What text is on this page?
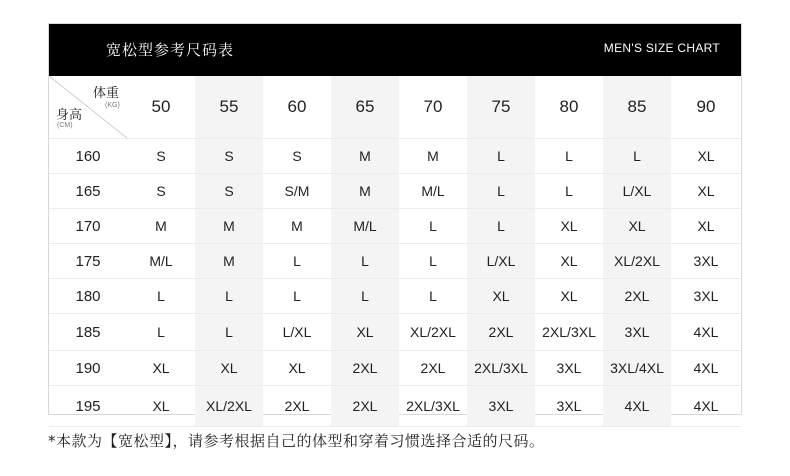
宽松型参考尺码表	MEN'S SIZE CHART
体重
(KG)
身高
(CM)	50	55	60	65	70	75	80	85	90
160	S	S	S	M	M	L	L	L	XL
165	S	S	S/M	M	M/L	L	L	L/XL	XL
170	M	M	M	M/L	L	L	XL	XL	XL
175	M/L	M	L	L	L	L/XL	XL	XL/2XL	3XL
180	L	L	L	L	L	XL	XL	2XL	3XL
185	L	L	L/XL	XL	XL/2XL	2XL	2XL/3XL	3XL	4XL
190	XL	XL	XL	2XL	2XL	2XL/3XL	3XL	3XL/4XL	4XL
195	XL	XL/2XL	2XL	2XL	2XL/3XL	3XL	3XL	4XL	4XL
*本款为【宽松型】，请参考根据自己的体型和穿着习惯选择合适的尺码。
